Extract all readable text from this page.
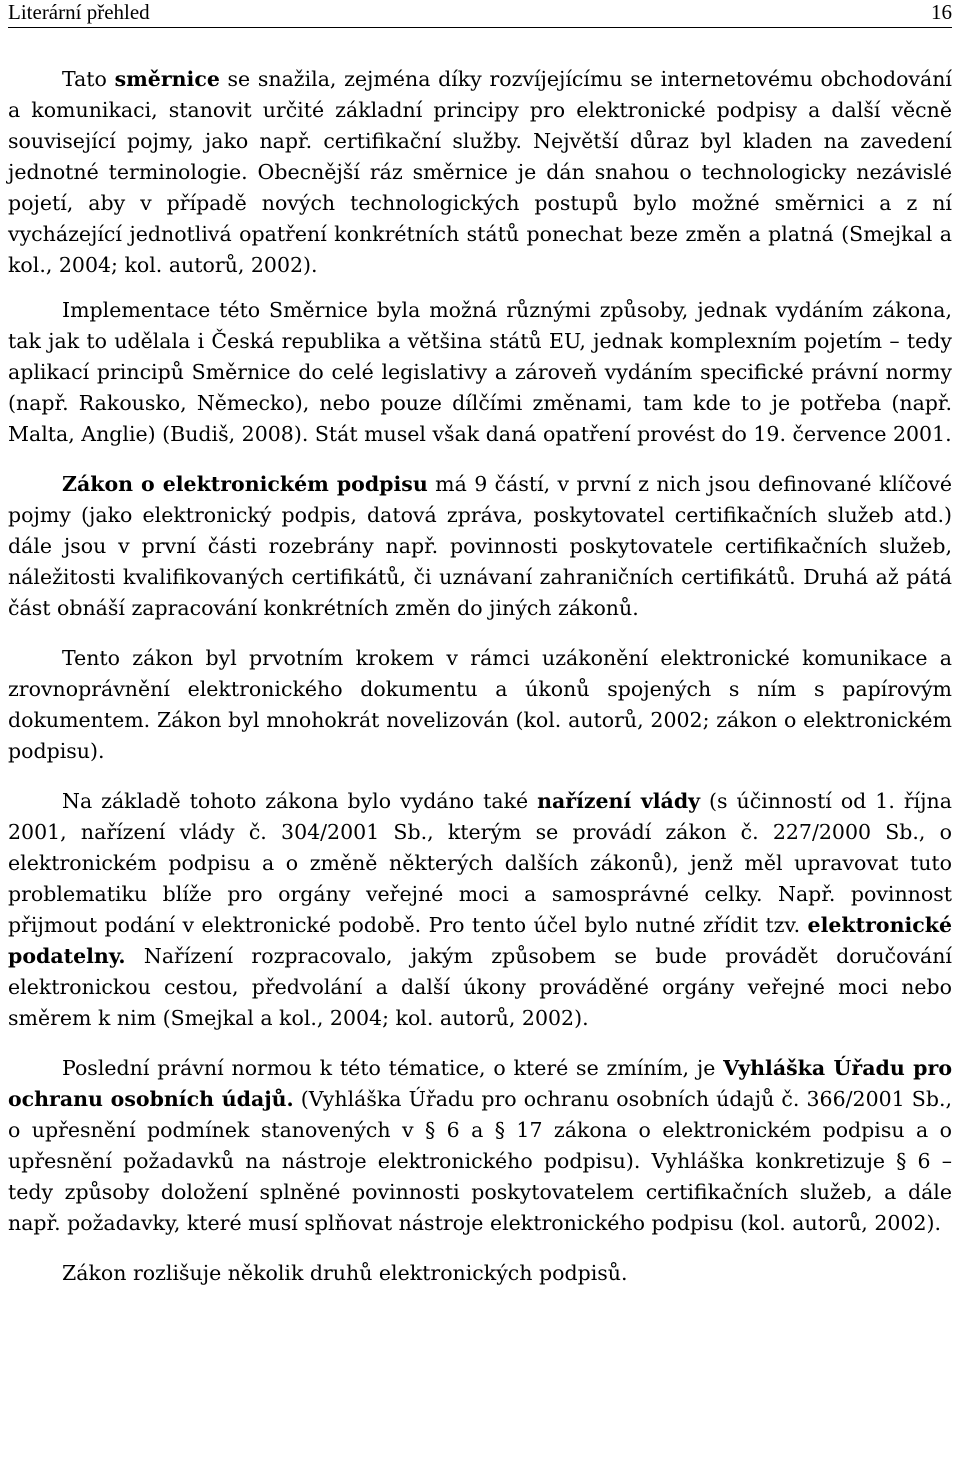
Literární přehled	16

Tato směrnice se snažila, zejména díky rozvíjejícímu se internetovému obchodování a komunikaci, stanovit určité základní principy pro elektronické podpisy a další věcně související pojmy, jako např. certifikační služby. Největší důraz byl kladen na zavedení jednotné terminologie. Obecnější ráz směrnice je dán snahou o technologicky nezávislé pojetí, aby v případě nových technologických postupů bylo možné směrnici a z ní vycházející jednotlivá opatření konkrétních států ponechat beze změn a platná (Smejkal a kol., 2004; kol. autorů, 2002).

Implementace této Směrnice byla možná různými způsoby, jednak vydáním zákona, tak jak to udělala i Česká republika a většina států EU, jednak komplexním pojetím – tedy aplikací principů Směrnice do celé legislativy a zároveň vydáním specifické právní normy (např. Rakousko, Německo), nebo pouze dílčími změnami, tam kde to je potřeba (např. Malta, Anglie) (Budiš, 2008). Stát musel však daná opatření provést do 19. července 2001.

Zákon o elektronickém podpisu má 9 částí, v první z nich jsou definované klíčové pojmy (jako elektronický podpis, datová zpráva, poskytovatel certifikačních služeb atd.) dále jsou v první části rozebrány např. povinnosti poskytovatele certifikačních služeb, náležitosti kvalifikovaných certifikátů, či uznávaní zahraničních certifikátů. Druhá až pátá část obnáší zapracování konkrétních změn do jiných zákonů.

Tento zákon byl prvotním krokem v rámci uzákonění elektronické komunikace a zrovnoprávnění elektronického dokumentu a úkonů spojených s ním s papírovým dokumentem. Zákon byl mnohokrát novelizován (kol. autorů, 2002; zákon o elektronickém podpisu).

Na základě tohoto zákona bylo vydáno také nařízení vlády (s účinností od 1. října 2001, nařízení vlády č. 304/2001 Sb., kterým se provádí zákon č. 227/2000 Sb., o elektronickém podpisu a o změně některých dalších zákonů), jenž měl upravovat tuto problematiku blíže pro orgány veřejné moci a samosprávné celky. Např. povinnost přijmout podání v elektronické podobě. Pro tento účel bylo nutné zřídit tzv. elektronické podatelny. Nařízení rozpracovalo, jakým způsobem se bude provádět doručování elektronickou cestou, předvolání a další úkony prováděné orgány veřejné moci nebo směrem k nim (Smejkal a kol., 2004; kol. autorů, 2002).

Poslední právní normou k této tématice, o které se zmíním, je Vyhláška Úřadu pro ochranu osobních údajů. (Vyhláška Úřadu pro ochranu osobních údajů č. 366/2001 Sb., o upřesnění podmínek stanovených v § 6 a § 17 zákona o elektronickém podpisu a o upřesnění požadavků na nástroje elektronického podpisu). Vyhláška konkretizuje § 6 – tedy způsoby doložení splněné povinnosti poskytovatelem certifikačních služeb, a dále např. požadavky, které musí splňovat nástroje elektronického podpisu (kol. autorů, 2002).

Zákon rozlišuje několik druhů elektronických podpisů.
